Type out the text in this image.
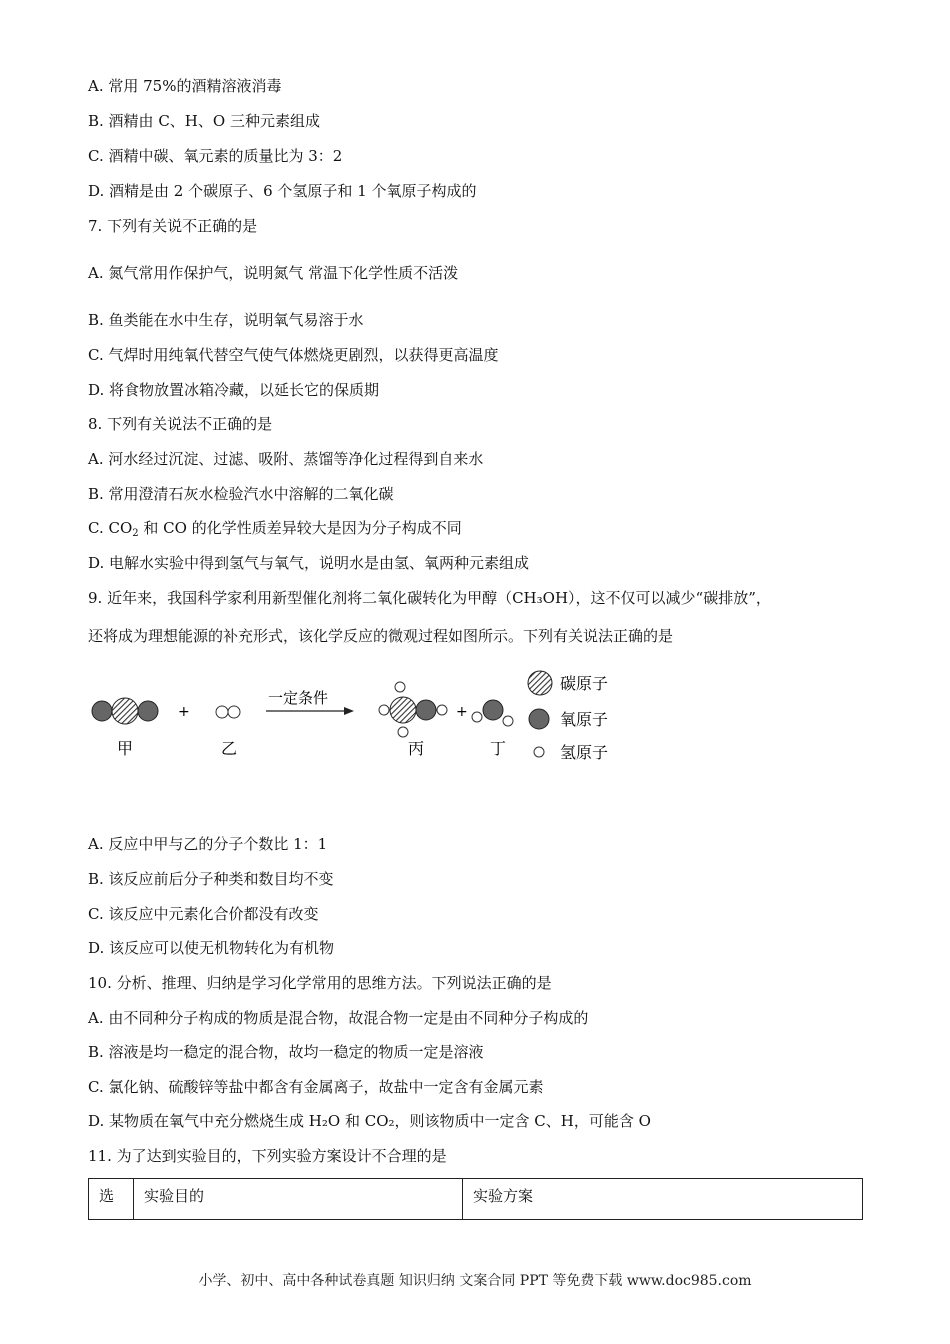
A. 常用 75%的酒精溶液消毒
B. 酒精由 C、H、O 三种元素组成
C. 酒精中碳、氧元素的质量比为 3：2
D. 酒精是由 2 个碳原子、6 个氢原子和 1 个氧原子构成的
7. 下列有关说不正确的是
A. 氮气常用作保护气，说明氮气 常温下化学性质不活泼
B. 鱼类能在水中生存，说明氧气易溶于水
C. 气焊时用纯氧代替空气使气体燃烧更剧烈，以获得更高温度
D. 将食物放置冰箱冷藏，以延长它的保质期
8. 下列有关说法不正确的是
A. 河水经过沉淀、过滤、吸附、蒸馏等净化过程得到自来水
B. 常用澄清石灰水检验汽水中溶解的二氧化碳
C. $CO_2$ 和 CO 的化学性质差异较大是因为分子构成不同
D. 电解水实验中得到氢气与氧气，说明水是由氢、氧两种元素组成
9. 近年来，我国科学家利用新型催化剂将二氧化碳转化为甲醇（CH₃OH），这不仅可以减少“碳排放”，
还将成为理想能源的补充形式，该化学反应的微观过程如图所示。下列有关说法正确的是
+
一定条件
+
甲	乙	丙	丁
碳原子
氧原子
氢原子
A. 反应中甲与乙的分子个数比 1：1
B. 该反应前后分子种类和数目均不变
C. 该反应中元素化合价都没有改变
D. 该反应可以使无机物转化为有机物
10. 分析、推理、归纳是学习化学常用的思维方法。下列说法正确的是
A. 由不同种分子构成的物质是混合物，故混合物一定是由不同种分子构成的
B. 溶液是均一稳定的混合物，故均一稳定的物质一定是溶液
C. 氯化钠、硫酸锌等盐中都含有金属离子，故盐中一定含有金属元素
D. 某物质在氧气中充分燃烧生成 H₂O 和 CO₂，则该物质中一定含 C、H，可能含 O
11. 为了达到实验目的，下列实验方案设计不合理的是
选	实验目的	实验方案
小学、初中、高中各种试卷真题 知识归纳 文案合同 PPT 等免费下载 www.doc985.com
